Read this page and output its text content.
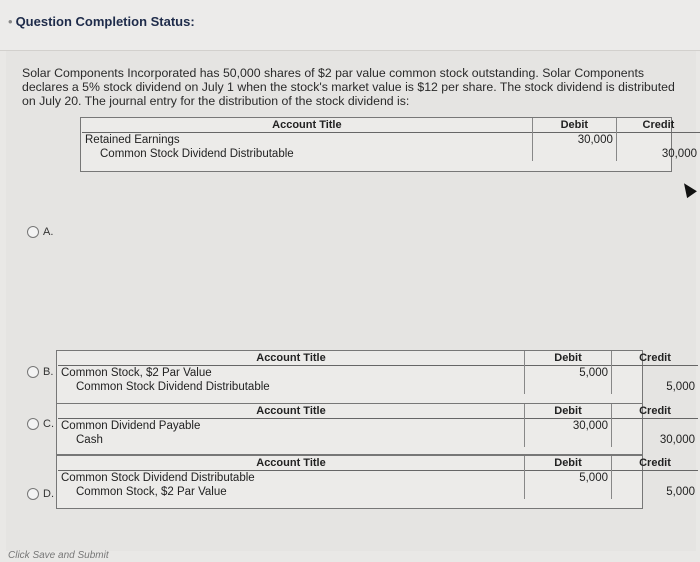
• Question Completion Status:
Solar Components Incorporated has 50,000 shares of $2 par value common stock outstanding. Solar Components declares a 5% stock dividend on July 1 when the stock's market value is $12 per share. The stock dividend is distributed on July 20. The journal entry for the distribution of the stock dividend is:
Account Title	Debit	Credit
Retained Earnings	30,000	
Common Stock Dividend Distributable		30,000
A.
B.
Account Title	Debit	Credit
Common Stock, $2 Par Value	5,000	
Common Stock Dividend Distributable		5,000
C.
Account Title	Debit	Credit
Common Dividend Payable	30,000	
Cash		30,000
D.
Account Title	Debit	Credit
Common Stock Dividend Distributable	5,000	
Common Stock, $2 Par Value		5,000
Click Save and Submit
